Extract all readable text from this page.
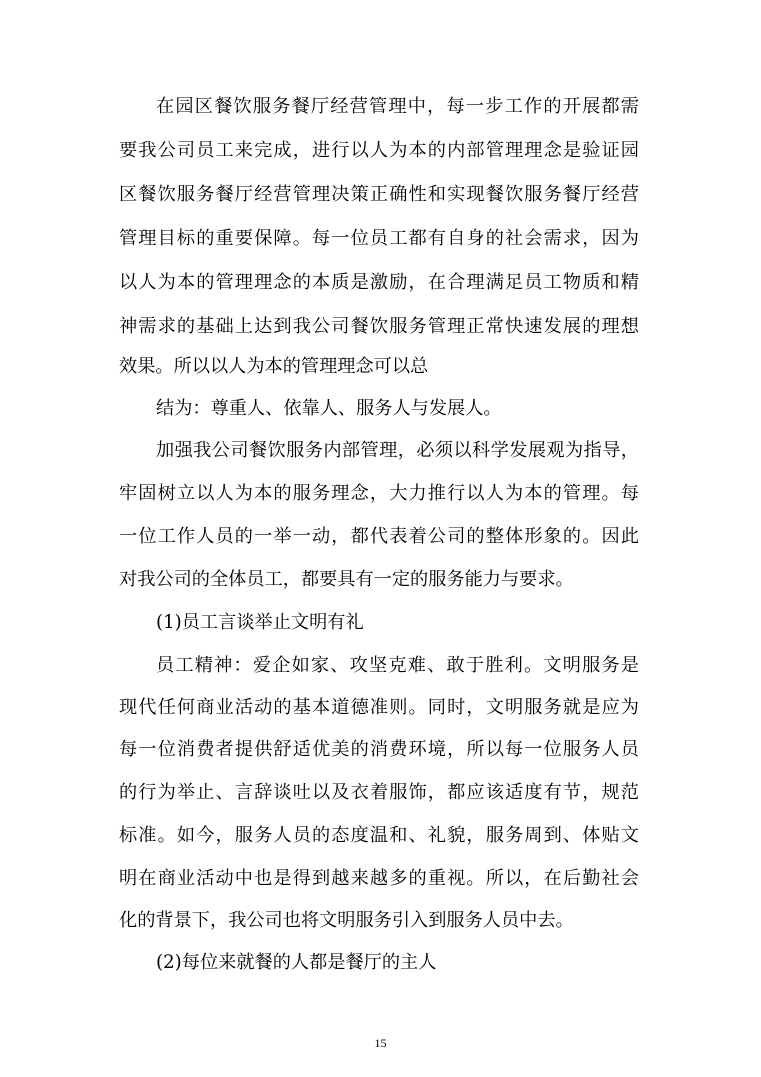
在园区餐饮服务餐厅经营管理中，每一步工作的开展都需
要我公司员工来完成，进行以人为本的内部管理理念是验证园
区餐饮服务餐厅经营管理决策正确性和实现餐饮服务餐厅经营
管理目标的重要保障。每一位员工都有自身的社会需求，因为
以人为本的管理理念的本质是激励，在合理满足员工物质和精
神需求的基础上达到我公司餐饮服务管理正常快速发展的理想
效果。所以以人为本的管理理念可以总
结为：尊重人、依靠人、服务人与发展人。
加强我公司餐饮服务内部管理，必须以科学发展观为指导，
牢固树立以人为本的服务理念，大力推行以人为本的管理。每
一位工作人员的一举一动，都代表着公司的整体形象的。因此
对我公司的全体员工，都要具有一定的服务能力与要求。
(1)员工言谈举止文明有礼
员工精神：爱企如家、攻坚克难、敢于胜利。文明服务是
现代任何商业活动的基本道德准则。同时，文明服务就是应为
每一位消费者提供舒适优美的消费环境，所以每一位服务人员
的行为举止、言辞谈吐以及衣着服饰，都应该适度有节，规范
标准。如今，服务人员的态度温和、礼貌，服务周到、体贴文
明在商业活动中也是得到越来越多的重视。所以，在后勤社会
化的背景下，我公司也将文明服务引入到服务人员中去。
(2)每位来就餐的人都是餐厅的主人
15
